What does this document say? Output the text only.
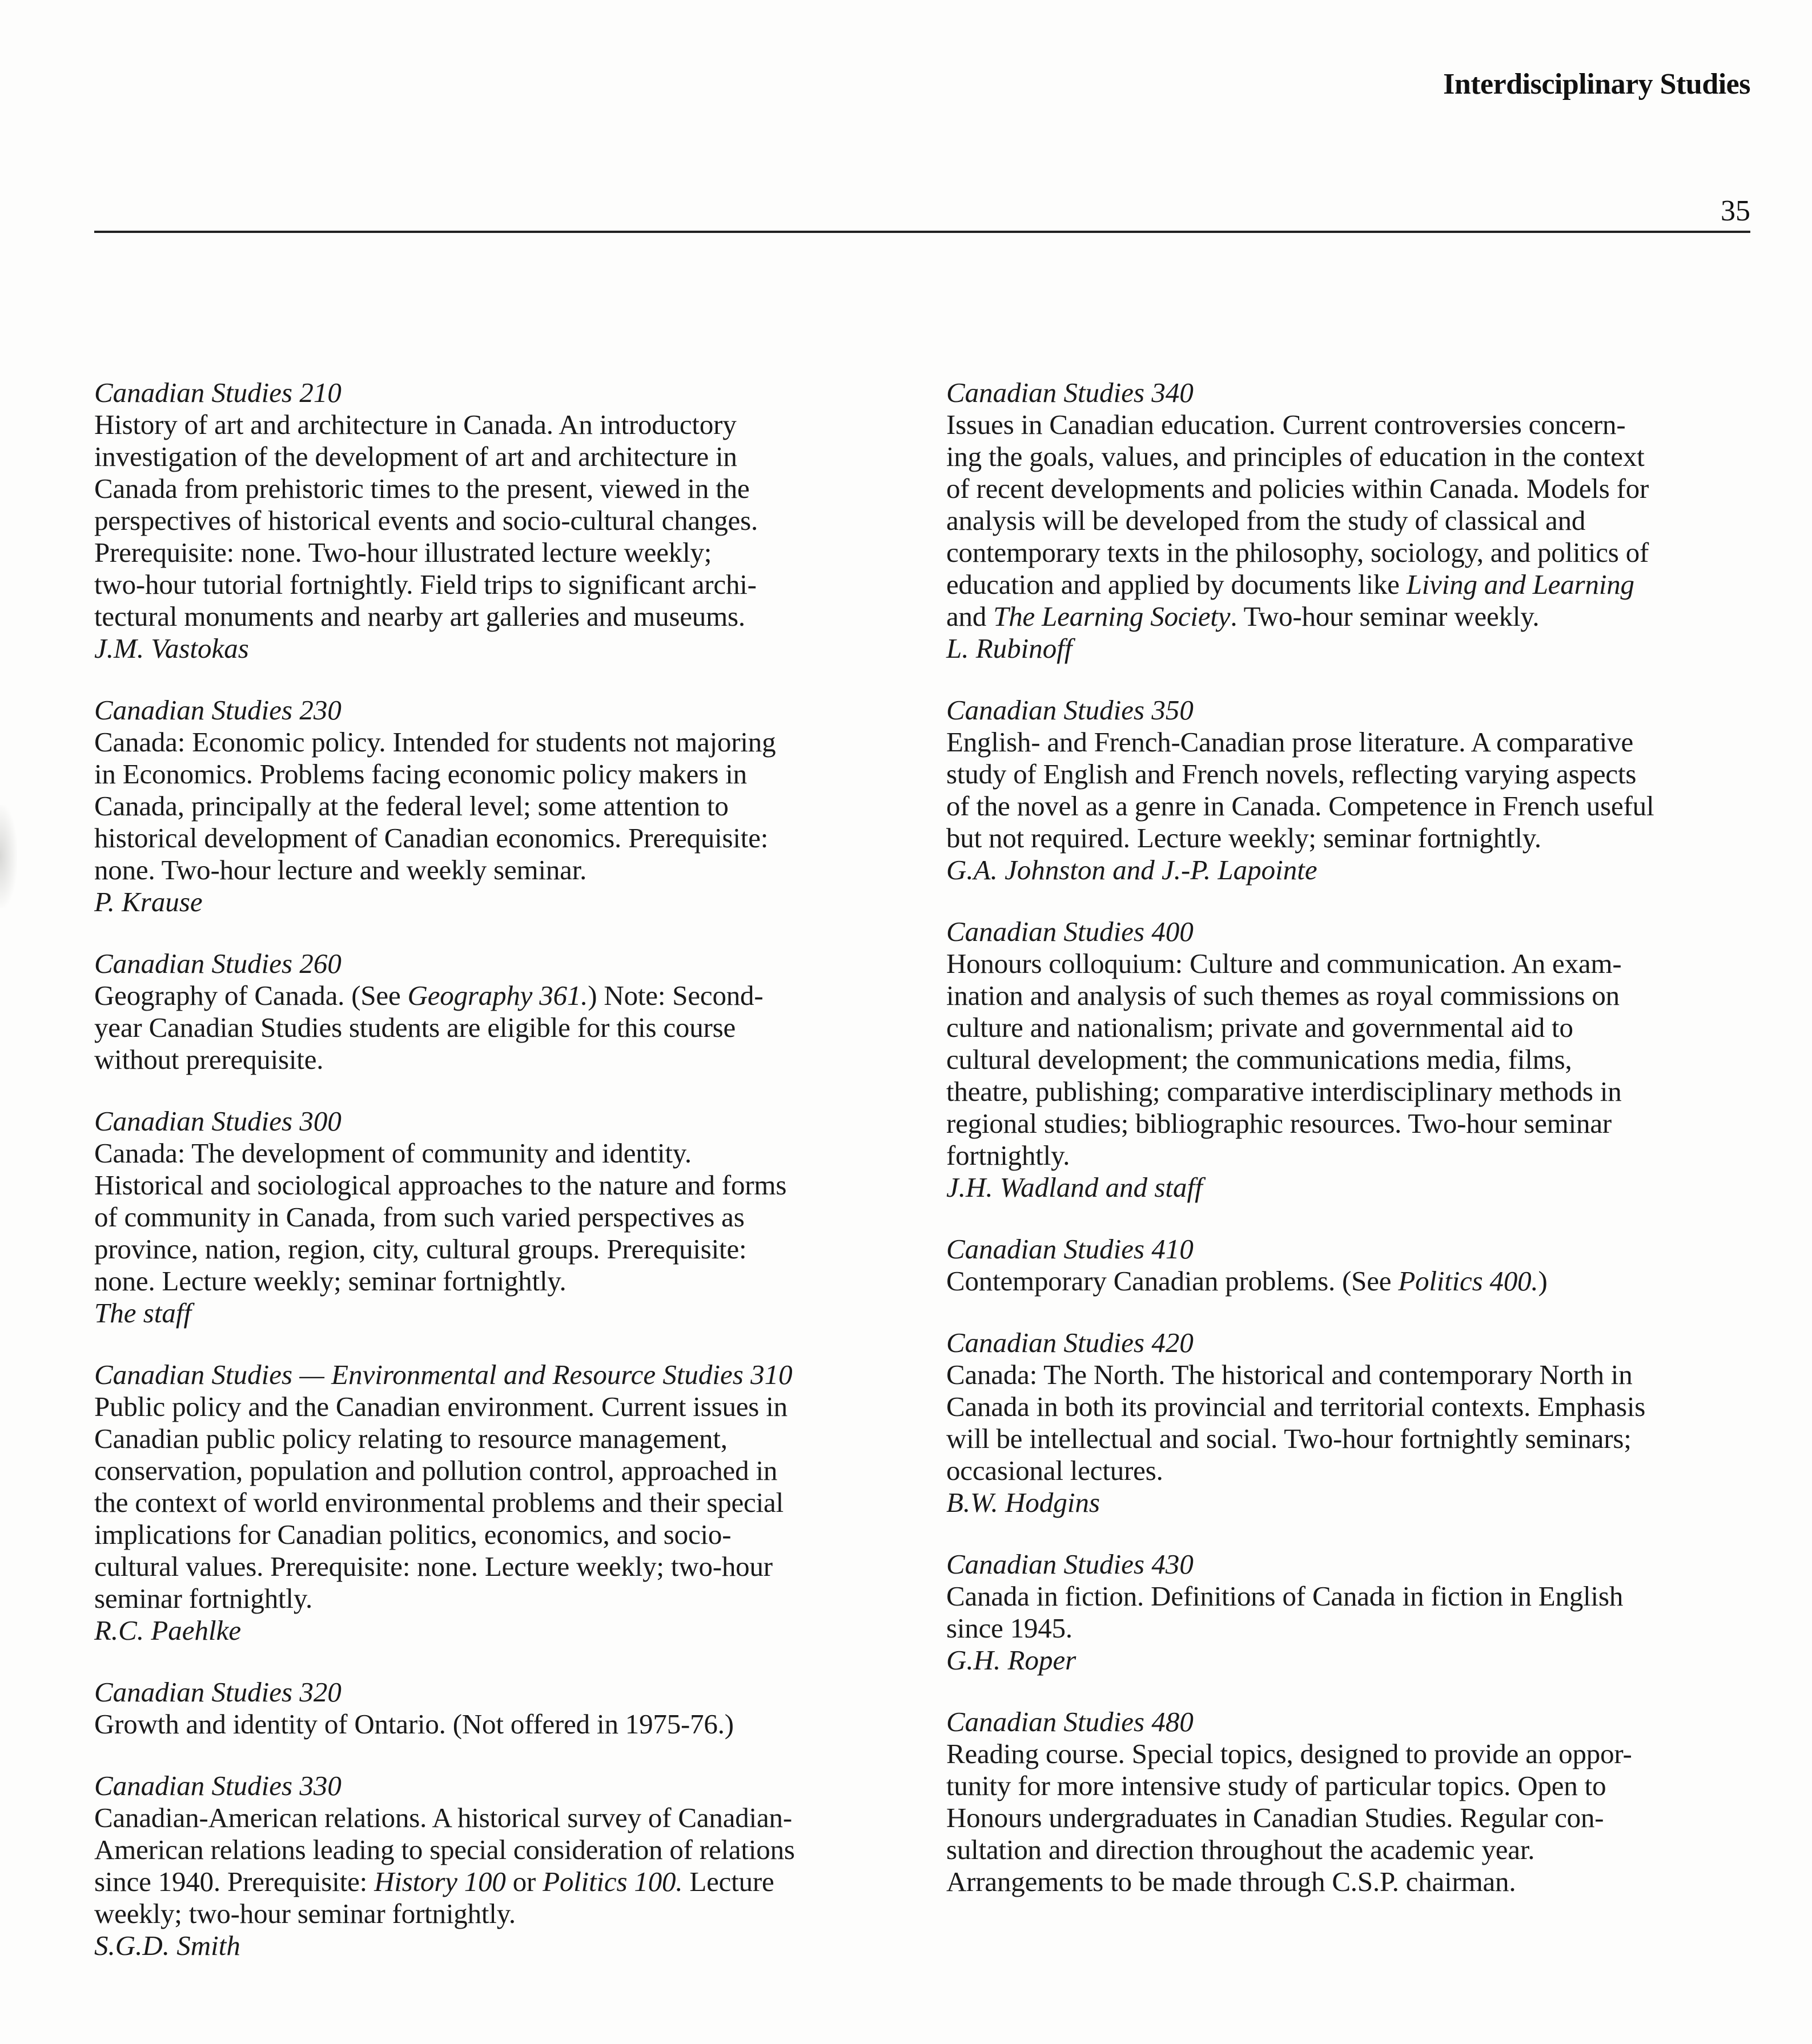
Interdisciplinary Studies
35
Canadian Studies 210
History of art and architecture in Canada. An introductory
investigation of the development of art and architecture in
Canada from prehistoric times to the present, viewed in the
perspectives of historical events and socio-cultural changes.
Prerequisite: none. Two-hour illustrated lecture weekly;
two-hour tutorial fortnightly. Field trips to significant archi-
tectural monuments and nearby art galleries and museums.
J.M. Vastokas
Canadian Studies 230
Canada: Economic policy. Intended for students not majoring
in Economics. Problems facing economic policy makers in
Canada, principally at the federal level; some attention to
historical development of Canadian economics. Prerequisite:
none. Two-hour lecture and weekly seminar.
P. Krause
Canadian Studies 260
Geography of Canada. (See Geography 361.) Note: Second-
year Canadian Studies students are eligible for this course
without prerequisite.
Canadian Studies 300
Canada: The development of community and identity.
Historical and sociological approaches to the nature and forms
of community in Canada, from such varied perspectives as
province, nation, region, city, cultural groups. Prerequisite:
none. Lecture weekly; seminar fortnightly.
The staff
Canadian Studies — Environmental and Resource Studies 310
Public policy and the Canadian environment. Current issues in
Canadian public policy relating to resource management,
conservation, population and pollution control, approached in
the context of world environmental problems and their special
implications for Canadian politics, economics, and socio-
cultural values. Prerequisite: none. Lecture weekly; two-hour
seminar fortnightly.
R.C. Paehlke
Canadian Studies 320
Growth and identity of Ontario. (Not offered in 1975-76.)
Canadian Studies 330
Canadian-American relations. A historical survey of Canadian-
American relations leading to special consideration of relations
since 1940. Prerequisite: History 100 or Politics 100. Lecture
weekly; two-hour seminar fortnightly.
S.G.D. Smith
Canadian Studies 340
Issues in Canadian education. Current controversies concern-
ing the goals, values, and principles of education in the context
of recent developments and policies within Canada. Models for
analysis will be developed from the study of classical and
contemporary texts in the philosophy, sociology, and politics of
education and applied by documents like Living and Learning
and The Learning Society. Two-hour seminar weekly.
L. Rubinoff
Canadian Studies 350
English- and French-Canadian prose literature. A comparative
study of English and French novels, reflecting varying aspects
of the novel as a genre in Canada. Competence in French useful
but not required. Lecture weekly; seminar fortnightly.
G.A. Johnston and J.-P. Lapointe
Canadian Studies 400
Honours colloquium: Culture and communication. An exam-
ination and analysis of such themes as royal commissions on
culture and nationalism; private and governmental aid to
cultural development; the communications media, films,
theatre, publishing; comparative interdisciplinary methods in
regional studies; bibliographic resources. Two-hour seminar
fortnightly.
J.H. Wadland and staff
Canadian Studies 410
Contemporary Canadian problems. (See Politics 400.)
Canadian Studies 420
Canada: The North. The historical and contemporary North in
Canada in both its provincial and territorial contexts. Emphasis
will be intellectual and social. Two-hour fortnightly seminars;
occasional lectures.
B.W. Hodgins
Canadian Studies 430
Canada in fiction. Definitions of Canada in fiction in English
since 1945.
G.H. Roper
Canadian Studies 480
Reading course. Special topics, designed to provide an oppor-
tunity for more intensive study of particular topics. Open to
Honours undergraduates in Canadian Studies. Regular con-
sultation and direction throughout the academic year.
Arrangements to be made through C.S.P. chairman.
